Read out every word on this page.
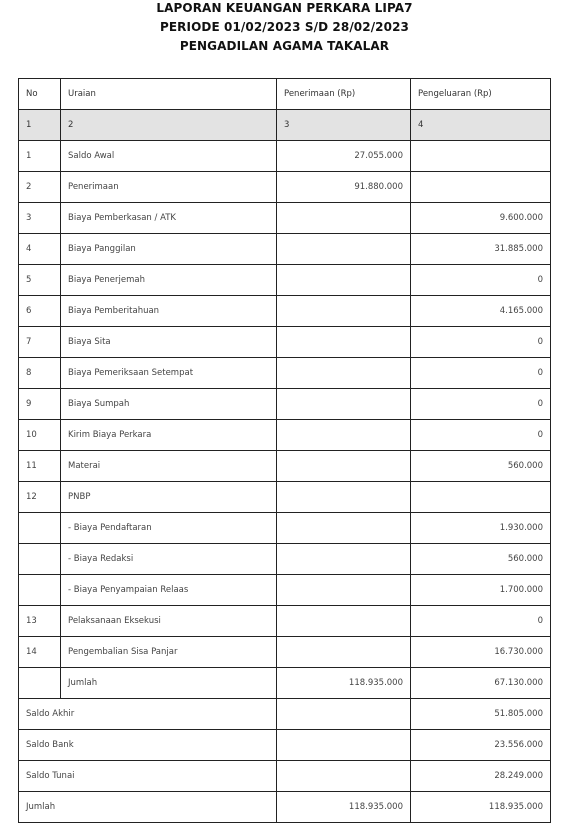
LAPORAN KEUANGAN PERKARA LIPA7
PERIODE 01/02/2023 S/D 28/02/2023
PENGADILAN AGAMA TAKALAR
No	Uraian	Penerimaan (Rp)	Pengeluaran (Rp)
1	2	3	4
1	Saldo Awal	27.055.000	
2	Penerimaan	91.880.000	
3	Biaya Pemberkasan / ATK		9.600.000
4	Biaya Panggilan		31.885.000
5	Biaya Penerjemah		0
6	Biaya Pemberitahuan		4.165.000
7	Biaya Sita		0
8	Biaya Pemeriksaan Setempat		0
9	Biaya Sumpah		0
10	Kirim Biaya Perkara		0
11	Materai		560.000
12	PNBP		
	- Biaya Pendaftaran		1.930.000
	- Biaya Redaksi		560.000
	- Biaya Penyampaian Relaas		1.700.000
13	Pelaksanaan Eksekusi		0
14	Pengembalian Sisa Panjar		16.730.000
	Jumlah	118.935.000	67.130.000
Saldo Akhir			51.805.000
Saldo Bank			23.556.000
Saldo Tunai			28.249.000
Jumlah		118.935.000	118.935.000
